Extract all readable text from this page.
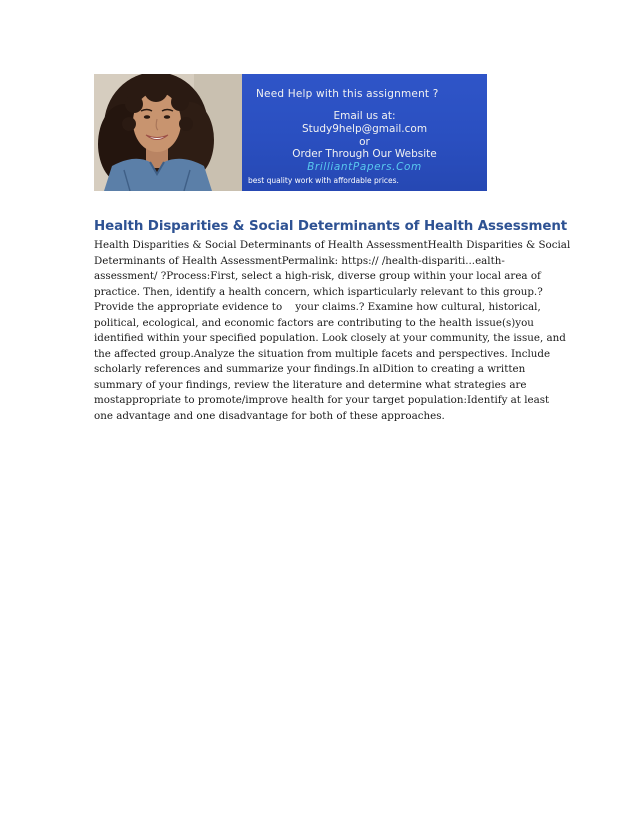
Need Help with this assignment ?
Email us at:
Study9help@gmail.com
or
Order Through Our Website
BrilliantPapers.Com
best quality work with affordable prices.
Health Disparities & Social Determinants of Health Assessment
Health Disparities & Social Determinants of Health AssessmentHealth Disparities & Social
Determinants of Health AssessmentPermalink: https:// /health-dispariti...ealth-
assessment/ ?Process:First, select a high-risk, diverse group within your local area of
practice. Then, identify a health concern, which isparticularly relevant to this group.?
Provide the appropriate evidence to    your claims.? Examine how cultural, historical,
political, ecological, and economic factors are contributing to the health issue(s)you
identified within your specified population. Look closely at your community, the issue, and
the affected group.Analyze the situation from multiple facets and perspectives. Include
scholarly references and summarize your findings.In alDition to creating a written
summary of your findings, review the literature and determine what strategies are
mostappropriate to promote/improve health for your target population:Identify at least
one advantage and one disadvantage for both of these approaches.
